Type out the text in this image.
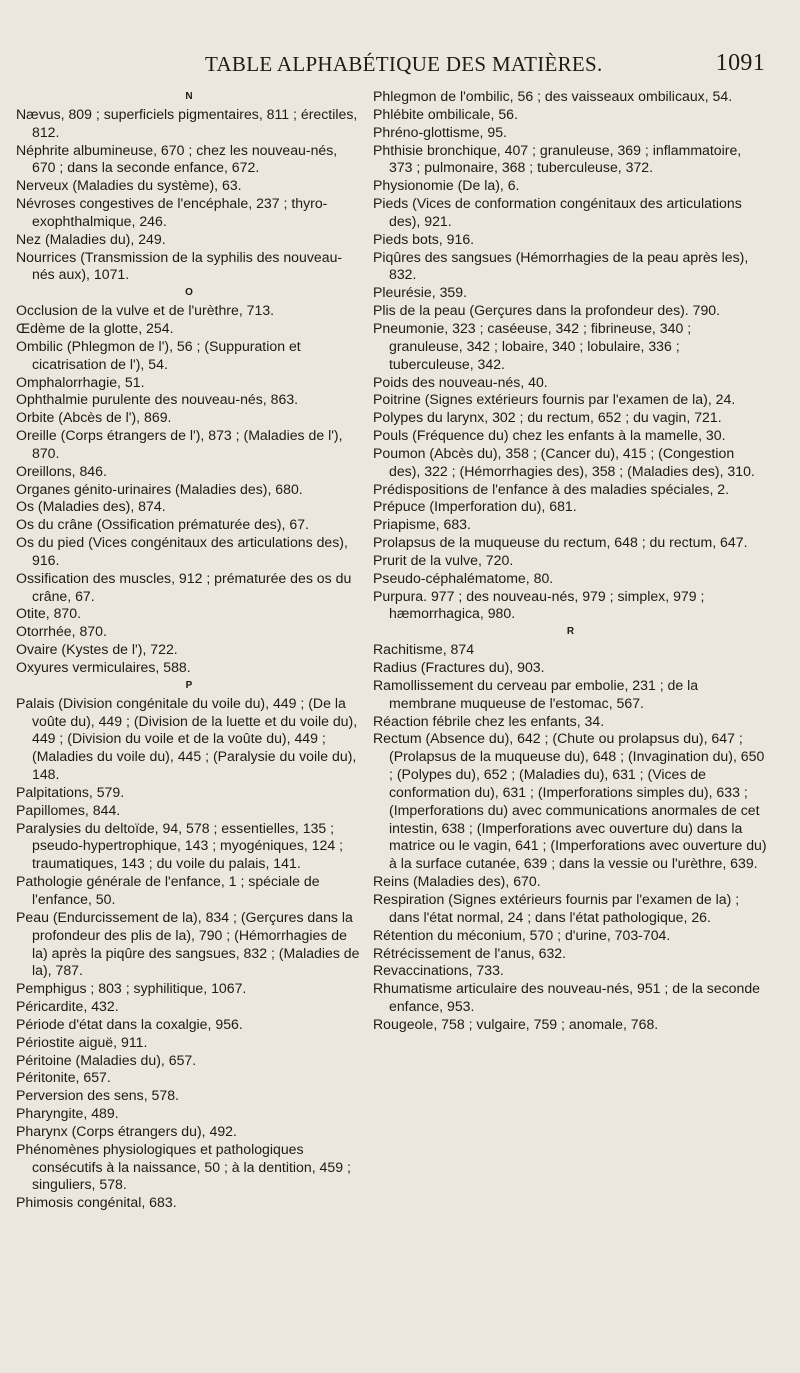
TABLE ALPHABÉTIQUE DES MATIÈRES.	1091

N

Nævus, 809 ; superficiels pigmentaires, 811 ; érectiles, 812.

Néphrite albumineuse, 670 ; chez les nouveau-nés, 670 ; dans la seconde enfance, 672.

Nerveux (Maladies du système), 63.

Névroses congestives de l'encéphale, 237 ; thyro-exophthalmique, 246.

Nez (Maladies du), 249.

Nourrices (Transmission de la syphilis des nouveau-nés aux), 1071.

O

Occlusion de la vulve et de l'urèthre, 713.

Œdème de la glotte, 254.

Ombilic (Phlegmon de l'), 56 ; (Suppuration et cicatrisation de l'), 54.

Omphalorrhagie, 51.

Ophthalmie purulente des nouveau-nés, 863.

Orbite (Abcès de l'), 869.

Oreille (Corps étrangers de l'), 873 ; (Maladies de l'), 870.

Oreillons, 846.

Organes génito-urinaires (Maladies des), 680.

Os (Maladies des), 874.

Os du crâne (Ossification prématurée des), 67.

Os du pied (Vices congénitaux des articulations des), 916.

Ossification des muscles, 912 ; prématurée des os du crâne, 67.

Otite, 870.

Otorrhée, 870.

Ovaire (Kystes de l'), 722.

Oxyures vermiculaires, 588.

P

Palais (Division congénitale du voile du), 449 ; (De la voûte du), 449 ; (Division de la luette et du voile du), 449 ; (Division du voile et de la voûte du), 449 ; (Maladies du voile du), 445 ; (Paralysie du voile du), 148.

Palpitations, 579.

Papillomes, 844.

Paralysies du deltoïde, 94, 578 ; essentielles, 135 ; pseudo-hypertrophique, 143 ; myogéniques, 124 ; traumatiques, 143 ; du voile du palais, 141.

Pathologie générale de l'enfance, 1 ; spéciale de l'enfance, 50.

Peau (Endurcissement de la), 834 ; (Gerçures dans la profondeur des plis de la), 790 ; (Hémorrhagies de la) après la piqûre des sangsues, 832 ; (Maladies de la), 787.

Pemphigus ; 803 ; syphilitique, 1067.

Péricardite, 432.

Période d'état dans la coxalgie, 956.

Périostite aiguë, 911.

Péritoine (Maladies du), 657.

Péritonite, 657.

Perversion des sens, 578.

Pharyngite, 489.

Pharynx (Corps étrangers du), 492.

Phénomènes physiologiques et pathologiques consécutifs à la naissance, 50 ; à la dentition, 459 ; singuliers, 578.

Phimosis congénital, 683.

Phlegmon de l'ombilic, 56 ; des vaisseaux ombilicaux, 54.

Phlébite ombilicale, 56.

Phréno-glottisme, 95.

Phthisie bronchique, 407 ; granuleuse, 369 ; inflammatoire, 373 ; pulmonaire, 368 ; tuberculeuse, 372.

Physionomie (De la), 6.

Pieds (Vices de conformation congénitaux des articulations des), 921.

Pieds bots, 916.

Piqûres des sangsues (Hémorrhagies de la peau après les), 832.

Pleurésie, 359.

Plis de la peau (Gerçures dans la profondeur des). 790.

Pneumonie, 323 ; caséeuse, 342 ; fibrineuse, 340 ; granuleuse, 342 ; lobaire, 340 ; lobulaire, 336 ; tuberculeuse, 342.

Poids des nouveau-nés, 40.

Poitrine (Signes extérieurs fournis par l'examen de la), 24.

Polypes du larynx, 302 ; du rectum, 652 ; du vagin, 721.

Pouls (Fréquence du) chez les enfants à la mamelle, 30.

Poumon (Abcès du), 358 ; (Cancer du), 415 ; (Congestion des), 322 ; (Hémorrhagies des), 358 ; (Maladies des), 310.

Prédispositions de l'enfance à des maladies spéciales, 2.

Prépuce (Imperforation du), 681.

Priapisme, 683.

Prolapsus de la muqueuse du rectum, 648 ; du rectum, 647.

Prurit de la vulve, 720.

Pseudo-céphalématome, 80.

Purpura. 977 ; des nouveau-nés, 979 ; simplex, 979 ; hæmorrhagica, 980.

R

Rachitisme, 874

Radius (Fractures du), 903.

Ramollissement du cerveau par embolie, 231 ; de la membrane muqueuse de l'estomac, 567.

Réaction fébrile chez les enfants, 34.

Rectum (Absence du), 642 ; (Chute ou prolapsus du), 647 ; (Prolapsus de la muqueuse du), 648 ; (Invagination du), 650 ; (Polypes du), 652 ; (Maladies du), 631 ; (Vices de conformation du), 631 ; (Imperforations simples du), 633 ; (Imperforations du) avec communications anormales de cet intestin, 638 ; (Imperforations avec ouverture du) dans la matrice ou le vagin, 641 ; (Imperforations avec ouverture du) à la surface cutanée, 639 ; dans la vessie ou l'urèthre, 639.

Reins (Maladies des), 670.

Respiration (Signes extérieurs fournis par l'examen de la) ; dans l'état normal, 24 ; dans l'état pathologique, 26.

Rétention du méconium, 570 ; d'urine, 703-704.

Rétrécissement de l'anus, 632.

Revaccinations, 733.

Rhumatisme articulaire des nouveau-nés, 951 ; de la seconde enfance, 953.

Rougeole, 758 ; vulgaire, 759 ; anomale, 768.
